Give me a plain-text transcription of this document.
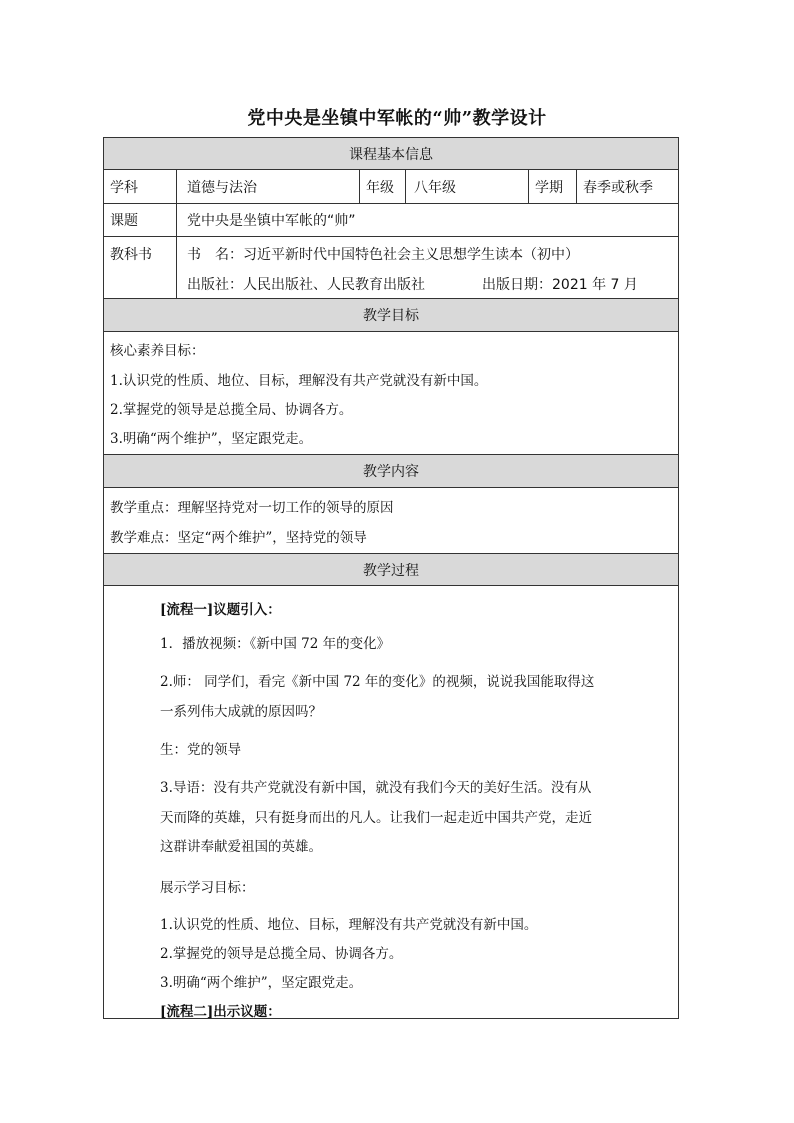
党中央是坐镇中军帐的“帅”教学设计
课程基本信息
学科	道德与法治	年级 八年级	学期 春季或秋季
课题	党中央是坐镇中军帐的“帅”
教科书	书　名：习近平新时代中国特色社会主义思想学生读本（初中）
出版社：人民出版社、人民教育出版社	出版日期：2021 年 7 月
教学目标
核心素养目标：
1.认识党的性质、地位、目标，理解没有共产党就没有新中国。
2.掌握党的领导是总揽全局、协调各方。
3.明确“两个维护”，坚定跟党走。
教学内容
教学重点：理解坚持党对一切工作的领导的原因
教学难点：坚定“两个维护”，坚持党的领导
教学过程
[流程一]议题引入：
1．播放视频：《新中国 72 年的变化》
2.师： 同学们，看完《新中国 72 年的变化》的视频，说说我国能取得这
一系列伟大成就的原因吗？
生：党的领导
3.导语：没有共产党就没有新中国，就没有我们今天的美好生活。没有从
天而降的英雄，只有挺身而出的凡人。让我们一起走近中国共产党，走近
这群讲奉献爱祖国的英雄。
展示学习目标：
1.认识党的性质、地位、目标，理解没有共产党就没有新中国。
2.掌握党的领导是总揽全局、协调各方。
3.明确“两个维护”，坚定跟党走。
[流程二]出示议题：
